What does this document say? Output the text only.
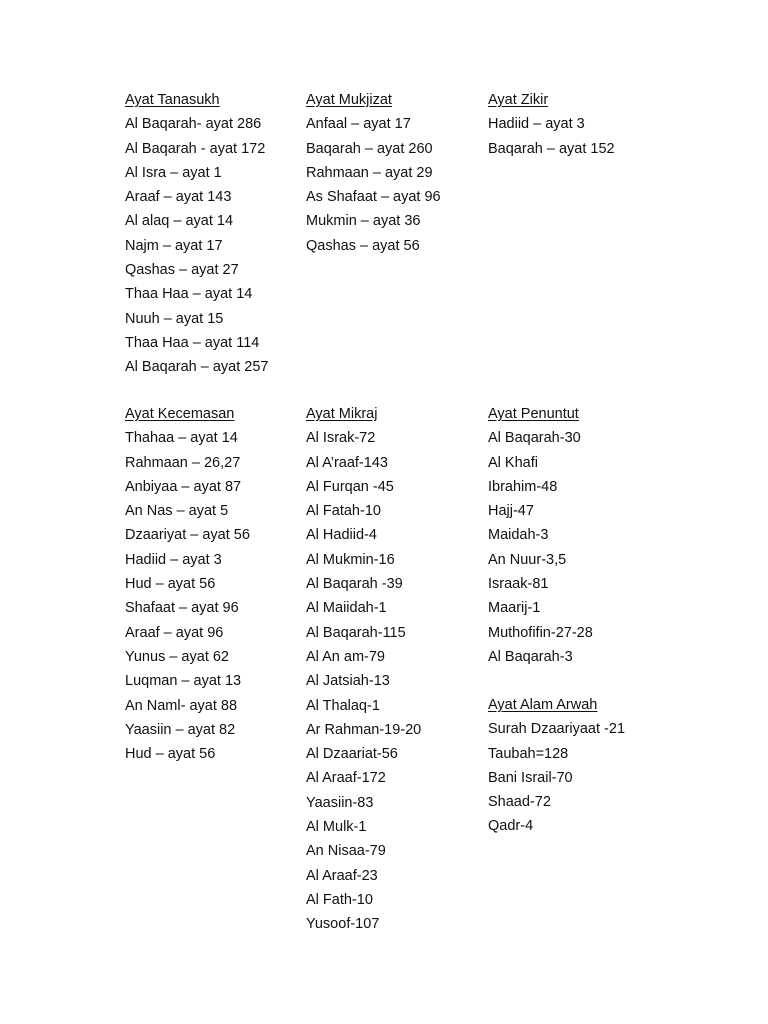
Ayat Tanasukh
Al Baqarah- ayat 286
Al Baqarah - ayat 172
Al Isra – ayat 1
Araaf – ayat 143
Al alaq – ayat 14
Najm – ayat 17
Qashas – ayat 27
Thaa Haa – ayat 14
Nuuh – ayat 15
Thaa Haa – ayat 114
Al Baqarah – ayat 257
Ayat Mukjizat
Anfaal – ayat 17
Baqarah – ayat 260
Rahmaan – ayat 29
As Shafaat – ayat 96
Mukmin – ayat 36
Qashas – ayat 56
Ayat Zikir
Hadiid – ayat 3
Baqarah – ayat 152
Ayat Kecemasan
Thahaa – ayat 14
Rahmaan – 26,27
Anbiyaa – ayat 87
An Nas – ayat 5
Dzaariyat – ayat 56
Hadiid – ayat 3
Hud – ayat 56
Shafaat – ayat 96
Araaf – ayat 96
Yunus – ayat 62
Luqman – ayat 13
An Naml- ayat 88
Yaasiin – ayat 82
Hud – ayat 56
Ayat Mikraj
Al Israk-72
Al A’raaf-143
Al Furqan -45
Al Fatah-10
Al Hadiid-4
Al Mukmin-16
Al Baqarah -39
Al Maiidah-1
Al Baqarah-115
Al An am-79
Al Jatsiah-13
Al Thalaq-1
Ar Rahman-19-20
Al Dzaariat-56
Al Araaf-172
Yaasiin-83
Al Mulk-1
An Nisaa-79
Al Araaf-23
Al Fath-10
Yusoof-107
Ayat Penuntut
Al Baqarah-30
Al Khafi
Ibrahim-48
Hajj-47
Maidah-3
An Nuur-3,5
Israak-81
Maarij-1
Muthofifin-27-28
Al Baqarah-3
Ayat Alam Arwah
Surah Dzaariyaat -21
Taubah=128
Bani Israil-70
Shaad-72
Qadr-4
